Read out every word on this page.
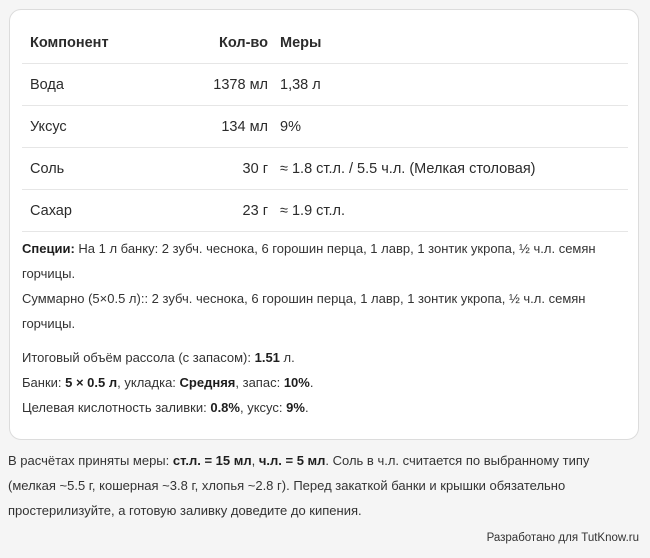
Компонент	Кол-во	Меры
Вода	1378 мл	1,38 л
Уксус	134 мл	9%
Соль	30 г	≈ 1.8 ст.л. / 5.5 ч.л. (Мелкая столовая)
Сахар	23 г	≈ 1.9 ст.л.

Специи: На 1 л банку: 2 зубч. чеснока, 6 горошин перца, 1 лавр, 1 зонтик укропа, ½ ч.л. семян горчицы.

Суммарно (5×0.5 л):: 2 зубч. чеснока, 6 горошин перца, 1 лавр, 1 зонтик укропа, ½ ч.л. семян горчицы.

Итоговый объём рассола (с запасом): 1.51 л.

Банки: 5 × 0.5 л, укладка: Средняя, запас: 10%.

Целевая кислотность заливки: 0.8%, уксус: 9%.

В расчётах приняты меры: ст.л. = 15 мл, ч.л. = 5 мл. Соль в ч.л. считается по выбранному типу (мелкая ~5.5 г, кошерная ~3.8 г, хлопья ~2.8 г). Перед закаткой банки и крышки обязательно простерилизуйте, а готовую заливку доведите до кипения.
Разработано для TutKnow.ru
